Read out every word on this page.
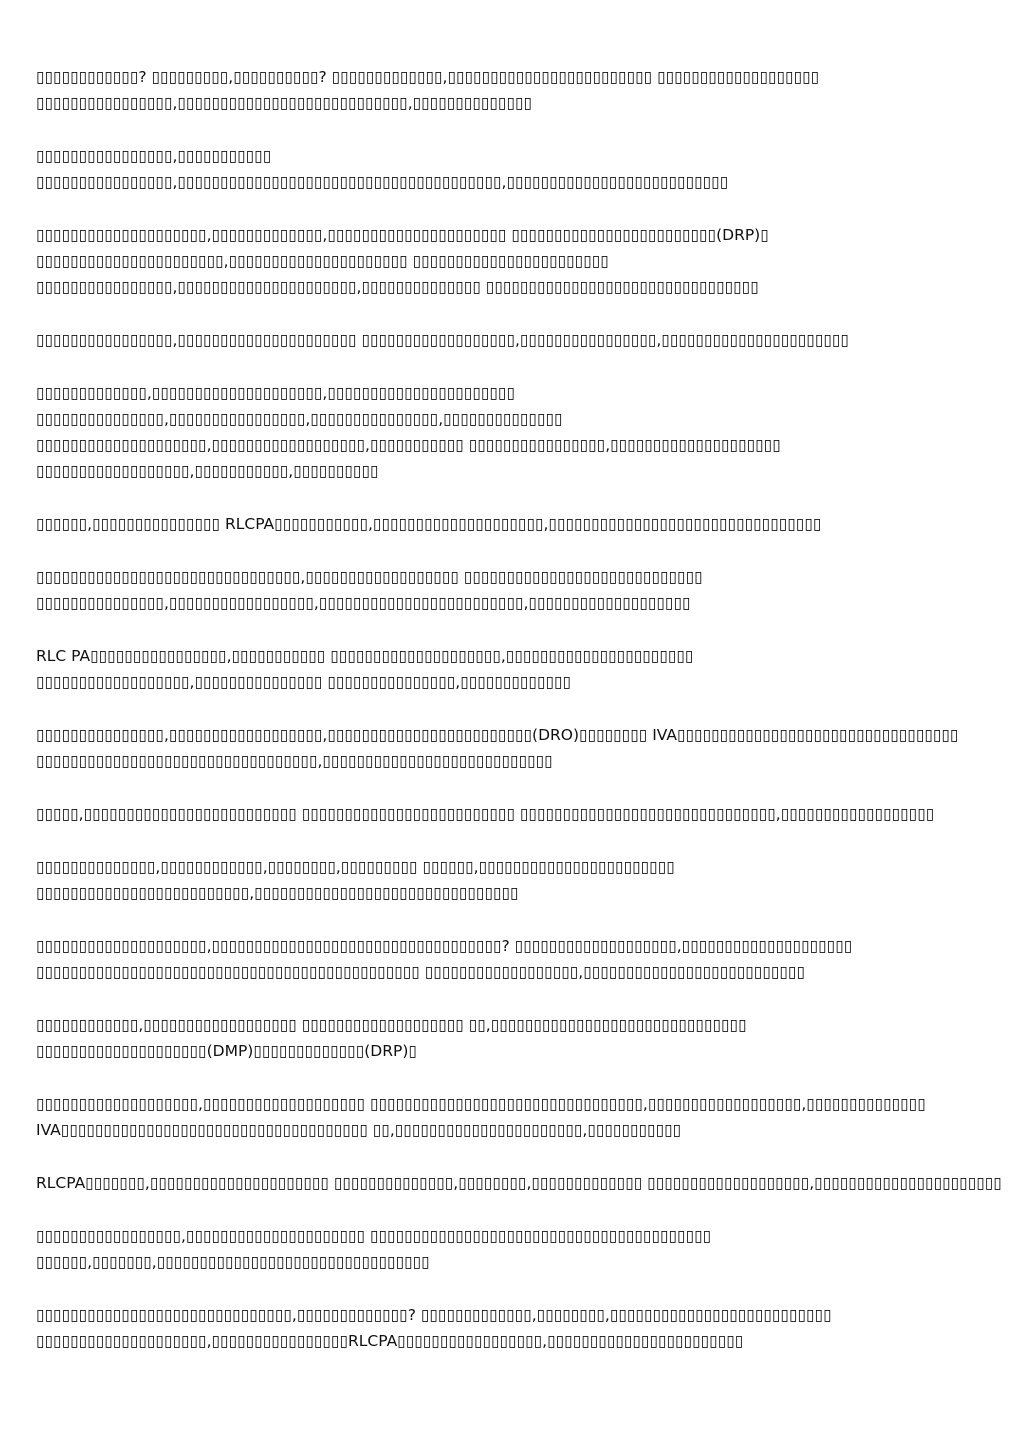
▯▯▯▯▯▯▯▯▯▯▯▯? ▯▯▯▯▯▯▯▯▯,▯▯▯▯▯▯▯▯▯▯? ▯▯▯▯▯▯▯▯▯▯▯▯▯,▯▯▯▯▯▯▯▯▯▯▯▯▯▯▯▯▯▯▯▯▯▯▯▯ ▯▯▯▯▯▯▯▯▯▯▯▯▯▯▯▯▯▯▯
▯▯▯▯▯▯▯▯▯▯▯▯▯▯▯▯,▯▯▯▯▯▯▯▯▯▯▯▯▯▯▯▯▯▯▯▯▯▯▯▯▯▯▯,▯▯▯▯▯▯▯▯▯▯▯▯▯▯
▯▯▯▯▯▯▯▯▯▯▯▯▯▯▯▯,▯▯▯▯▯▯▯▯▯▯▯
▯▯▯▯▯▯▯▯▯▯▯▯▯▯▯▯,▯▯▯▯▯▯▯▯▯▯▯▯▯▯▯▯▯▯▯▯▯▯▯▯▯▯▯▯▯▯▯▯▯▯▯▯▯▯,▯▯▯▯▯▯▯▯▯▯▯▯▯▯▯▯▯▯▯▯▯▯▯▯▯▯
▯▯▯▯▯▯▯▯▯▯▯▯▯▯▯▯▯▯▯▯,▯▯▯▯▯▯▯▯▯▯▯▯▯,▯▯▯▯▯▯▯▯▯▯▯▯▯▯▯▯▯▯▯▯▯ ▯▯▯▯▯▯▯▯▯▯▯▯▯▯▯▯▯▯▯▯▯▯▯▯(DRP)▯
▯▯▯▯▯▯▯▯▯▯▯▯▯▯▯▯▯▯▯▯▯▯,▯▯▯▯▯▯▯▯▯▯▯▯▯▯▯▯▯▯▯▯▯ ▯▯▯▯▯▯▯▯▯▯▯▯▯▯▯▯▯▯▯▯▯▯▯
▯▯▯▯▯▯▯▯▯▯▯▯▯▯▯▯,▯▯▯▯▯▯▯▯▯▯▯▯▯▯▯▯▯▯▯▯▯,▯▯▯▯▯▯▯▯▯▯▯▯▯▯ ▯▯▯▯▯▯▯▯▯▯▯▯▯▯▯▯▯▯▯▯▯▯▯▯▯▯▯▯▯▯▯▯
▯▯▯▯▯▯▯▯▯▯▯▯▯▯▯▯,▯▯▯▯▯▯▯▯▯▯▯▯▯▯▯▯▯▯▯▯▯ ▯▯▯▯▯▯▯▯▯▯▯▯▯▯▯▯▯▯,▯▯▯▯▯▯▯▯▯▯▯▯▯▯▯▯,▯▯▯▯▯▯▯▯▯▯▯▯▯▯▯▯▯▯▯▯▯▯
▯▯▯▯▯▯▯▯▯▯▯▯▯,▯▯▯▯▯▯▯▯▯▯▯▯▯▯▯▯▯▯▯▯,▯▯▯▯▯▯▯▯▯▯▯▯▯▯▯▯▯▯▯▯▯▯
▯▯▯▯▯▯▯▯▯▯▯▯▯▯▯,▯▯▯▯▯▯▯▯▯▯▯▯▯▯▯▯,▯▯▯▯▯▯▯▯▯▯▯▯▯▯▯,▯▯▯▯▯▯▯▯▯▯▯▯▯▯
▯▯▯▯▯▯▯▯▯▯▯▯▯▯▯▯▯▯▯▯,▯▯▯▯▯▯▯▯▯▯▯▯▯▯▯▯▯▯,▯▯▯▯▯▯▯▯▯▯▯ ▯▯▯▯▯▯▯▯▯▯▯▯▯▯▯▯,▯▯▯▯▯▯▯▯▯▯▯▯▯▯▯▯▯▯▯▯
▯▯▯▯▯▯▯▯▯▯▯▯▯▯▯▯▯▯,▯▯▯▯▯▯▯▯▯▯▯,▯▯▯▯▯▯▯▯▯▯
▯▯▯▯▯▯,▯▯▯▯▯▯▯▯▯▯▯▯▯▯▯ RLCPA▯▯▯▯▯▯▯▯▯▯▯,▯▯▯▯▯▯▯▯▯▯▯▯▯▯▯▯▯▯▯▯,▯▯▯▯▯▯▯▯▯▯▯▯▯▯▯▯▯▯▯▯▯▯▯▯▯▯▯▯▯▯▯▯
▯▯▯▯▯▯▯▯▯▯▯▯▯▯▯▯▯▯▯▯▯▯▯▯▯▯▯▯▯▯▯,▯▯▯▯▯▯▯▯▯▯▯▯▯▯▯▯▯▯ ▯▯▯▯▯▯▯▯▯▯▯▯▯▯▯▯▯▯▯▯▯▯▯▯▯▯▯▯
▯▯▯▯▯▯▯▯▯▯▯▯▯▯▯,▯▯▯▯▯▯▯▯▯▯▯▯▯▯▯▯▯,▯▯▯▯▯▯▯▯▯▯▯▯▯▯▯▯▯▯▯▯▯▯▯▯,▯▯▯▯▯▯▯▯▯▯▯▯▯▯▯▯▯▯▯
RLC PA▯▯▯▯▯▯▯▯▯▯▯▯▯▯▯▯,▯▯▯▯▯▯▯▯▯▯▯ ▯▯▯▯▯▯▯▯▯▯▯▯▯▯▯▯▯▯▯▯,▯▯▯▯▯▯▯▯▯▯▯▯▯▯▯▯▯▯▯▯▯▯
▯▯▯▯▯▯▯▯▯▯▯▯▯▯▯▯▯▯,▯▯▯▯▯▯▯▯▯▯▯▯▯▯▯ ▯▯▯▯▯▯▯▯▯▯▯▯▯▯▯,▯▯▯▯▯▯▯▯▯▯▯▯▯
▯▯▯▯▯▯▯▯▯▯▯▯▯▯▯,▯▯▯▯▯▯▯▯▯▯▯▯▯▯▯▯▯▯,▯▯▯▯▯▯▯▯▯▯▯▯▯▯▯▯▯▯▯▯▯▯▯▯(DRO)▯▯▯▯▯▯▯▯ IVA▯▯▯▯▯▯▯▯▯▯▯▯▯▯▯▯▯▯▯▯▯▯▯▯▯▯▯▯▯▯▯▯▯
▯▯▯▯▯▯▯▯▯▯▯▯▯▯▯▯▯▯▯▯▯▯▯▯▯▯▯▯▯▯▯▯▯,▯▯▯▯▯▯▯▯▯▯▯▯▯▯▯▯▯▯▯▯▯▯▯▯▯▯▯
▯▯▯▯▯,▯▯▯▯▯▯▯▯▯▯▯▯▯▯▯▯▯▯▯▯▯▯▯▯▯ ▯▯▯▯▯▯▯▯▯▯▯▯▯▯▯▯▯▯▯▯▯▯▯▯▯ ▯▯▯▯▯▯▯▯▯▯▯▯▯▯▯▯▯▯▯▯▯▯▯▯▯▯▯▯▯▯,▯▯▯▯▯▯▯▯▯▯▯▯▯▯▯▯▯▯
▯▯▯▯▯▯▯▯▯▯▯▯▯▯,▯▯▯▯▯▯▯▯▯▯▯▯,▯▯▯▯▯▯▯▯,▯▯▯▯▯▯▯▯▯ ▯▯▯▯▯▯,▯▯▯▯▯▯▯▯▯▯▯▯▯▯▯▯▯▯▯▯▯▯▯
▯▯▯▯▯▯▯▯▯▯▯▯▯▯▯▯▯▯▯▯▯▯▯▯▯,▯▯▯▯▯▯▯▯▯▯▯▯▯▯▯▯▯▯▯▯▯▯▯▯▯▯▯▯▯▯▯
▯▯▯▯▯▯▯▯▯▯▯▯▯▯▯▯▯▯▯▯,▯▯▯▯▯▯▯▯▯▯▯▯▯▯▯▯▯▯▯▯▯▯▯▯▯▯▯▯▯▯▯▯▯▯? ▯▯▯▯▯▯▯▯▯▯▯▯▯▯▯▯▯▯▯,▯▯▯▯▯▯▯▯▯▯▯▯▯▯▯▯▯▯▯▯
▯▯▯▯▯▯▯▯▯▯▯▯▯▯▯▯▯▯▯▯▯▯▯▯▯▯▯▯▯▯▯▯▯▯▯▯▯▯▯▯▯▯▯▯▯ ▯▯▯▯▯▯▯▯▯▯▯▯▯▯▯▯▯▯,▯▯▯▯▯▯▯▯▯▯▯▯▯▯▯▯▯▯▯▯▯▯▯▯▯▯
▯▯▯▯▯▯▯▯▯▯▯▯,▯▯▯▯▯▯▯▯▯▯▯▯▯▯▯▯▯▯ ▯▯▯▯▯▯▯▯▯▯▯▯▯▯▯▯▯▯▯ ▯▯,▯▯▯▯▯▯▯▯▯▯▯▯▯▯▯▯▯▯▯▯▯▯▯▯▯▯▯▯▯▯
▯▯▯▯▯▯▯▯▯▯▯▯▯▯▯▯▯▯▯▯(DMP)▯▯▯▯▯▯▯▯▯▯▯▯▯(DRP)▯
▯▯▯▯▯▯▯▯▯▯▯▯▯▯▯▯▯▯▯,▯▯▯▯▯▯▯▯▯▯▯▯▯▯▯▯▯▯▯ ▯▯▯▯▯▯▯▯▯▯▯▯▯▯▯▯▯▯▯▯▯▯▯▯▯▯▯▯▯▯▯▯,▯▯▯▯▯▯▯▯▯▯▯▯▯▯▯▯▯▯,▯▯▯▯▯▯▯▯▯▯▯▯▯▯
IVA▯▯▯▯▯▯▯▯▯▯▯▯▯▯▯▯▯▯▯▯▯▯▯▯▯▯▯▯▯▯▯▯▯▯▯▯ ▯▯,▯▯▯▯▯▯▯▯▯▯▯▯▯▯▯▯▯▯▯▯▯▯,▯▯▯▯▯▯▯▯▯▯▯
RLCPA▯▯▯▯▯▯▯,▯▯▯▯▯▯▯▯▯▯▯▯▯▯▯▯▯▯▯▯▯ ▯▯▯▯▯▯▯▯▯▯▯▯▯▯,▯▯▯▯▯▯▯▯,▯▯▯▯▯▯▯▯▯▯▯▯▯ ▯▯▯▯▯▯▯▯▯▯▯▯▯▯▯▯▯▯▯,▯▯▯▯▯▯▯▯▯▯▯▯▯▯▯▯▯▯▯▯▯▯
▯▯▯▯▯▯▯▯▯▯▯▯▯▯▯▯▯,▯▯▯▯▯▯▯▯▯▯▯▯▯▯▯▯▯▯▯▯▯ ▯▯▯▯▯▯▯▯▯▯▯▯▯▯▯▯▯▯▯▯▯▯▯▯▯▯▯▯▯▯▯▯▯▯▯▯▯▯▯▯
▯▯▯▯▯▯,▯▯▯▯▯▯▯,▯▯▯▯▯▯▯▯▯▯▯▯▯▯▯▯▯▯▯▯▯▯▯▯▯▯▯▯▯▯▯▯
▯▯▯▯▯▯▯▯▯▯▯▯▯▯▯▯▯▯▯▯▯▯▯▯▯▯▯▯▯▯,▯▯▯▯▯▯▯▯▯▯▯▯▯? ▯▯▯▯▯▯▯▯▯▯▯▯▯,▯▯▯▯▯▯▯▯,▯▯▯▯▯▯▯▯▯▯▯▯▯▯▯▯▯▯▯▯▯▯▯▯▯▯
▯▯▯▯▯▯▯▯▯▯▯▯▯▯▯▯▯▯▯▯,▯▯▯▯▯▯▯▯▯▯▯▯▯▯▯▯RLCPA▯▯▯▯▯▯▯▯▯▯▯▯▯▯▯▯▯,▯▯▯▯▯▯▯▯▯▯▯▯▯▯▯▯▯▯▯▯▯▯▯
